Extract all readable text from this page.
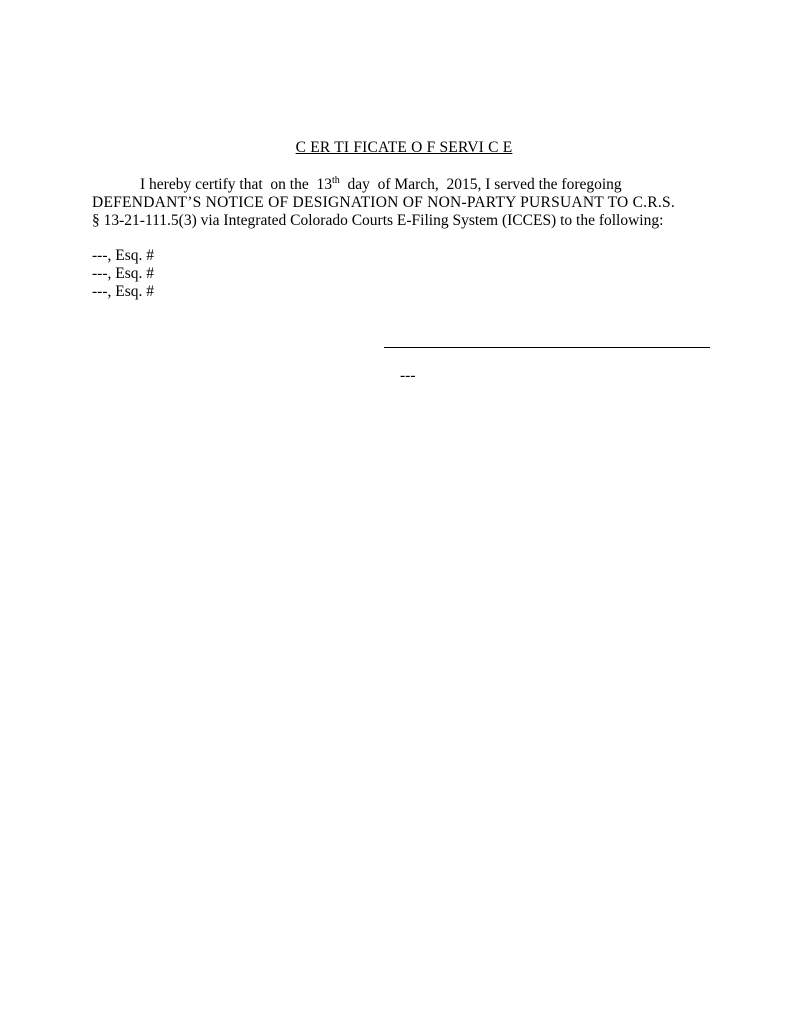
C ER TI FICATE O F SERVI C E
I hereby certify that  on the  13th  day  of March,  2015, I served the foregoing
DEFENDANT’S NOTICE OF DESIGNATION OF NON-PARTY PURSUANT TO C.R.S.
§ 13-21-111.5(3) via Integrated Colorado Courts E-Filing System (ICCES) to the following:
---, Esq. #
---, Esq. #
---, Esq. #
---
